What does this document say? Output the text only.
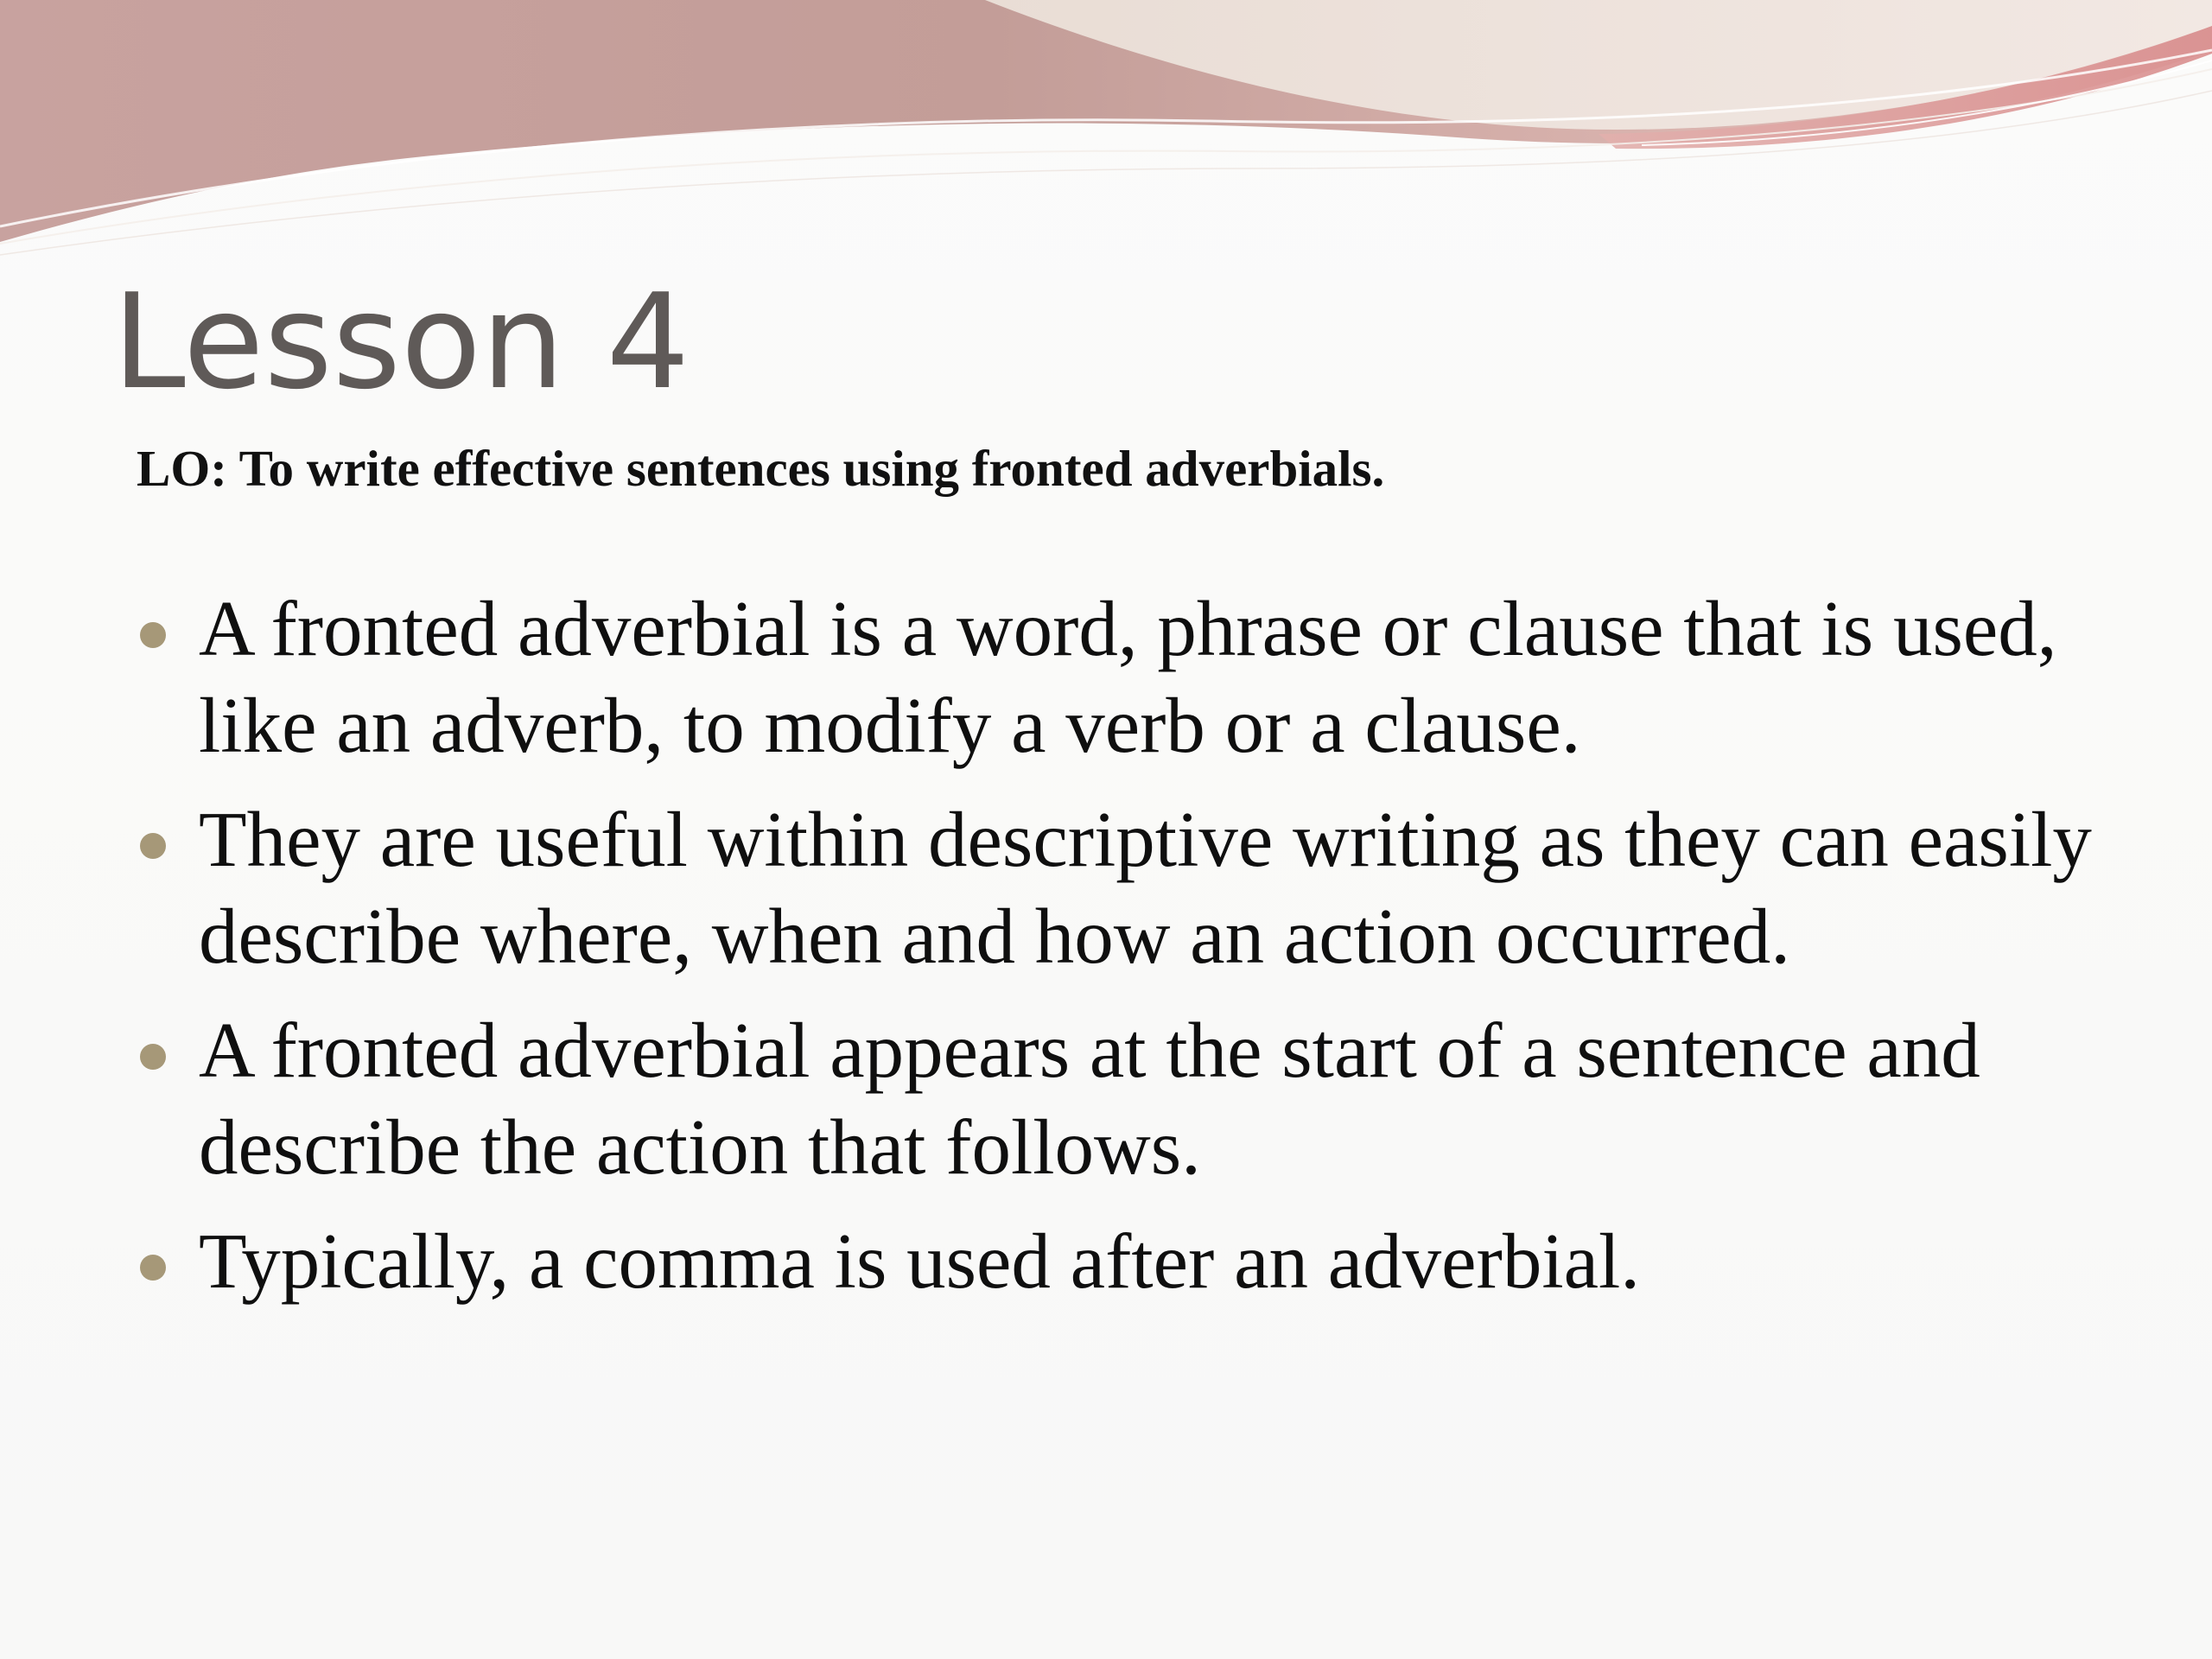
Lesson 4

LO: To write effective sentences using fronted adverbials.

A fronted adverbial is a word, phrase or clause that is used, like an adverb, to modify a verb or a clause.
They are useful within descriptive writing as they can easily describe where, when and how an action occurred.
A fronted adverbial appears at the start of a sentence and describe the action that follows.
Typically, a comma is used after an adverbial.
